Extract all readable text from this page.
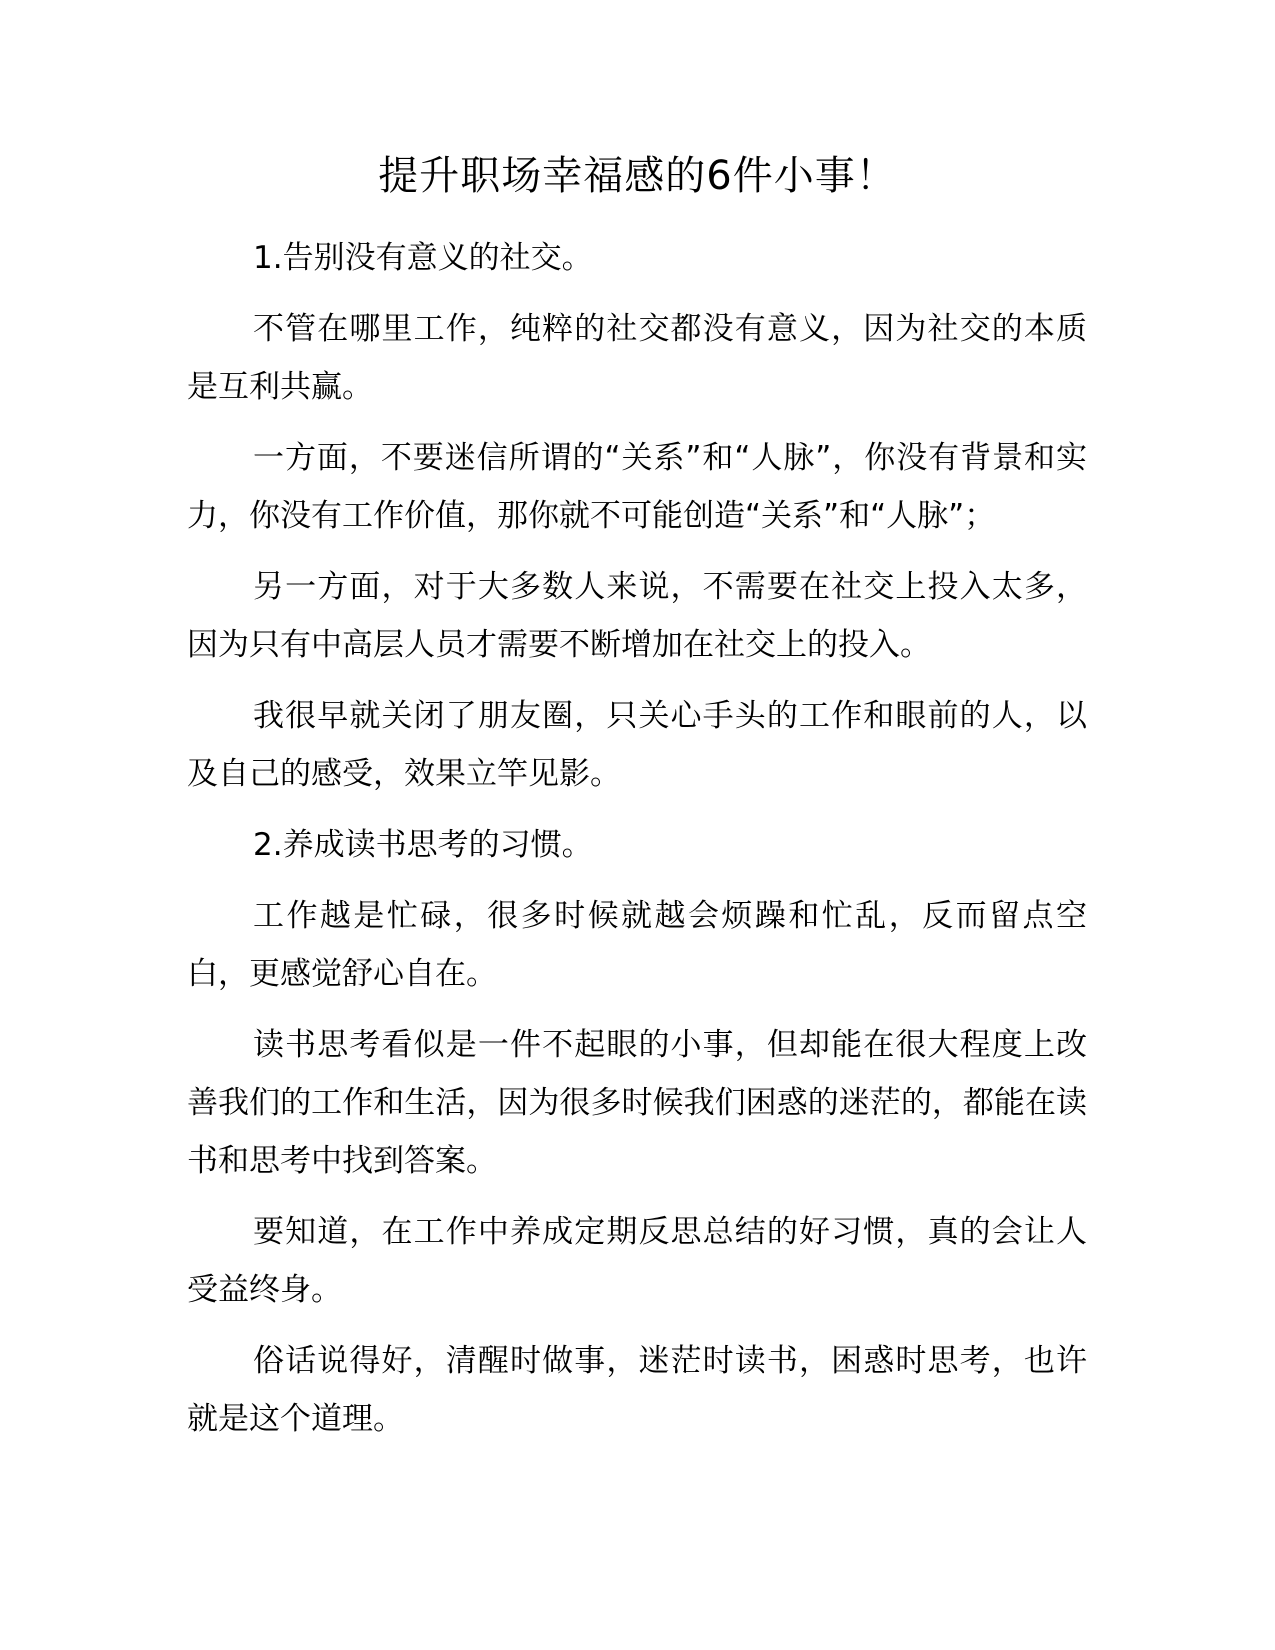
提升职场幸福感的6件小事！

1.告别没有意义的社交。

不管在哪里工作，纯粹的社交都没有意义，因为社交的本质是互利共赢。

一方面，不要迷信所谓的“关系”和“人脉”，你没有背景和实力，你没有工作价值，那你就不可能创造“关系”和“人脉”；

另一方面，对于大多数人来说，不需要在社交上投入太多，因为只有中高层人员才需要不断增加在社交上的投入。

我很早就关闭了朋友圈，只关心手头的工作和眼前的人，以及自己的感受，效果立竿见影。

2.养成读书思考的习惯。

工作越是忙碌，很多时候就越会烦躁和忙乱，反而留点空白，更感觉舒心自在。

读书思考看似是一件不起眼的小事，但却能在很大程度上改善我们的工作和生活，因为很多时候我们困惑的迷茫的，都能在读书和思考中找到答案。

要知道，在工作中养成定期反思总结的好习惯，真的会让人受益终身。

俗话说得好，清醒时做事，迷茫时读书，困惑时思考，也许就是这个道理。
